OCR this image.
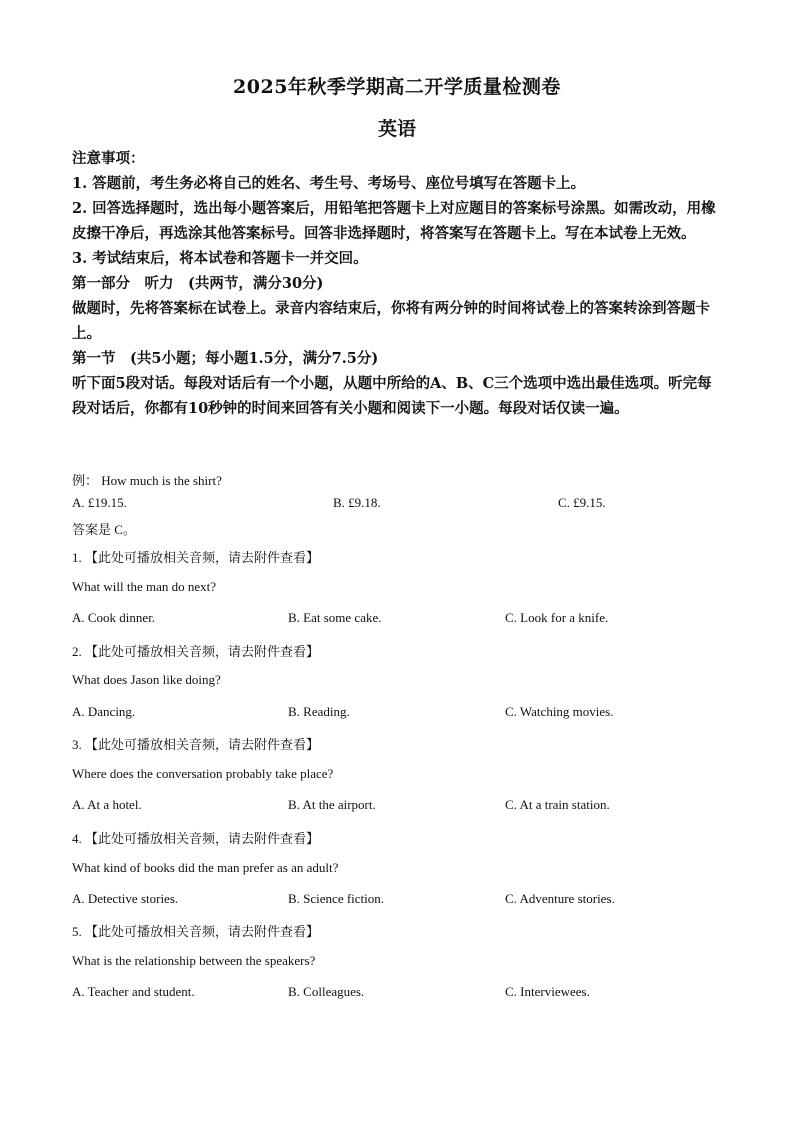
2025年秋季学期高二开学质量检测卷
英语

注意事项：

1. 答题前，考生务必将自己的姓名、考生号、考场号、座位号填写在答题卡上。

2. 回答选择题时，选出每小题答案后，用铅笔把答题卡上对应题目的答案标号涂黑。如需改动，用橡皮擦干净后，再选涂其他答案标号。回答非选择题时，将答案写在答题卡上。写在本试卷上无效。

3. 考试结束后，将本试卷和答题卡一并交回。

第一部分　听力　(共两节，满分30分)

做题时，先将答案标在试卷上。录音内容结束后，你将有两分钟的时间将试卷上的答案转涂到答题卡上。

第一节　(共5小题；每小题1.5分，满分7.5分)

听下面5段对话。每段对话后有一个小题，从题中所给的A、B、C三个选项中选出最佳选项。听完每段对话后，你都有10秒钟的时间来回答有关小题和阅读下一小题。每段对话仅读一遍。

例： How much is the shirt?
A. £19.15.	B. £9.18.	C. £9.15.
答案是 C。
1. 【此处可播放相关音频，请去附件查看】
What will the man do next?
A. Cook dinner.	B. Eat some cake.	C. Look for a knife.
2. 【此处可播放相关音频，请去附件查看】
What does Jason like doing?
A. Dancing.	B. Reading.	C. Watching movies.
3. 【此处可播放相关音频，请去附件查看】
Where does the conversation probably take place?
A. At a hotel.	B. At the airport.	C. At a train station.
4. 【此处可播放相关音频，请去附件查看】
What kind of books did the man prefer as an adult?
A. Detective stories.	B. Science fiction.	C. Adventure stories.
5. 【此处可播放相关音频，请去附件查看】
What is the relationship between the speakers?
A. Teacher and student.	B. Colleagues.	C. Interviewees.
